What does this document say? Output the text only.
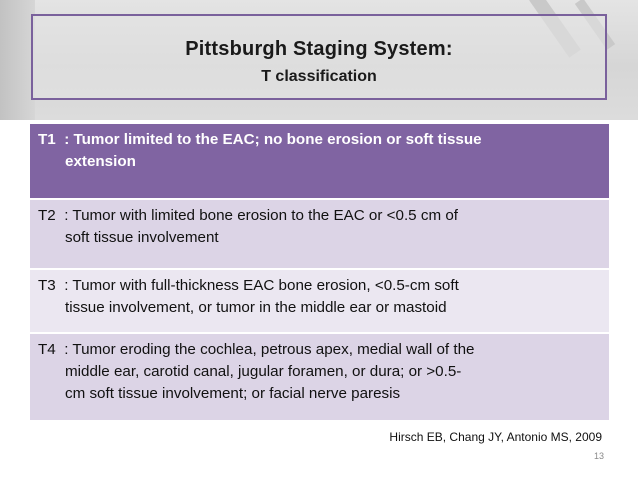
Pittsburgh Staging System:
T classification
T1 : Tumor limited to the EAC; no bone erosion or soft tissue
extension
T2 : Tumor with limited bone erosion to the EAC or <0.5 cm of
soft tissue involvement
T3 : Tumor with full-thickness EAC bone erosion, <0.5-cm soft
tissue involvement, or tumor in the middle ear or mastoid
T4 : Tumor eroding the cochlea, petrous apex, medial wall of the
middle ear, carotid canal, jugular foramen, or dura; or >0.5-
cm soft tissue involvement; or facial nerve paresis
Hirsch EB, Chang JY, Antonio MS, 2009
13
